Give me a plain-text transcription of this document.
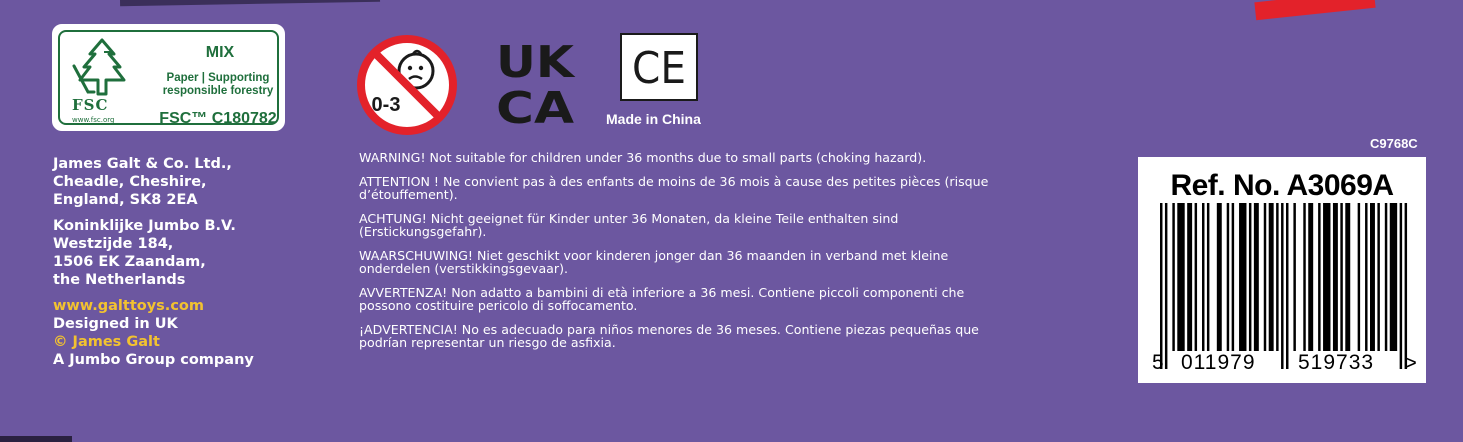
FSC
www.fsc.org
MIX
Paper | Supporting
responsible forestry
FSC™ C180782
0-3
UK
CA
CE
Made in China

James Galt & Co. Ltd.,
Cheadle, Cheshire,
England, SK8 2EA

Koninklijke Jumbo B.V.
Westzijde 184,
1506 EK Zaandam,
the Netherlands

www.galttoys.com
Designed in UK
© James Galt
A Jumbo Group company

WARNING! Not suitable for children under 36 months due to small parts (choking hazard).

ATTENTION ! Ne convient pas à des enfants de moins de 36 mois à cause des petites pièces (risque d’étouffement).

ACHTUNG! Nicht geeignet für Kinder unter 36 Monaten, da kleine Teile enthalten sind (Erstickungsgefahr).

WAARSCHUWING! Niet geschikt voor kinderen jonger dan 36 maanden in verband met kleine onderdelen (verstikkingsgevaar).

AVVERTENZA! Non adatto a bambini di età inferiore a 36 mesi. Contiene piccoli componenti che possono costituire pericolo di soffocamento.

¡ADVERTENCIA! No es adecuado para niños menores de 36 meses. Contiene piezas pequeñas que podrían representar un riesgo de asfixia.

C9768C
Ref. No. A3069A
5 011979 519733 >
